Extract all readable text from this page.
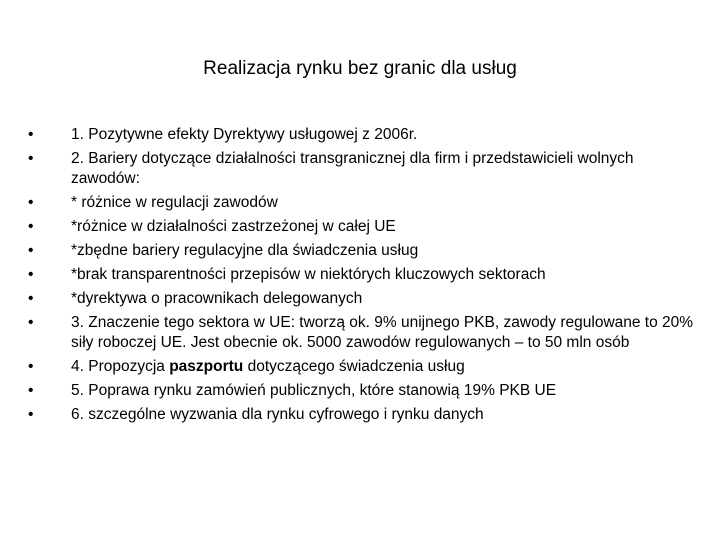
Realizacja rynku bez granic dla usług
•	1. Pozytywne efekty Dyrektywy usługowej z 2006r.
•	2. Bariery dotyczące działalności transgranicznej dla firm i przedstawicieli wolnych zawodów:
•	* różnice w regulacji zawodów
•	*różnice w działalności zastrzeżonej w całej UE
•	*zbędne bariery regulacyjne dla świadczenia usług
•	*brak transparentności przepisów w niektórych kluczowych sektorach
•	*dyrektywa o pracownikach delegowanych
•	3. Znaczenie tego sektora w UE: tworzą ok. 9% unijnego PKB, zawody regulowane to 20% siły roboczej UE. Jest obecnie ok. 5000 zawodów regulowanych – to 50 mln osób
•	4. Propozycja paszportu dotyczącego świadczenia usług
•	5. Poprawa rynku zamówień publicznych, które stanowią 19% PKB UE
•	6. szczególne wyzwania dla rynku cyfrowego i rynku danych
